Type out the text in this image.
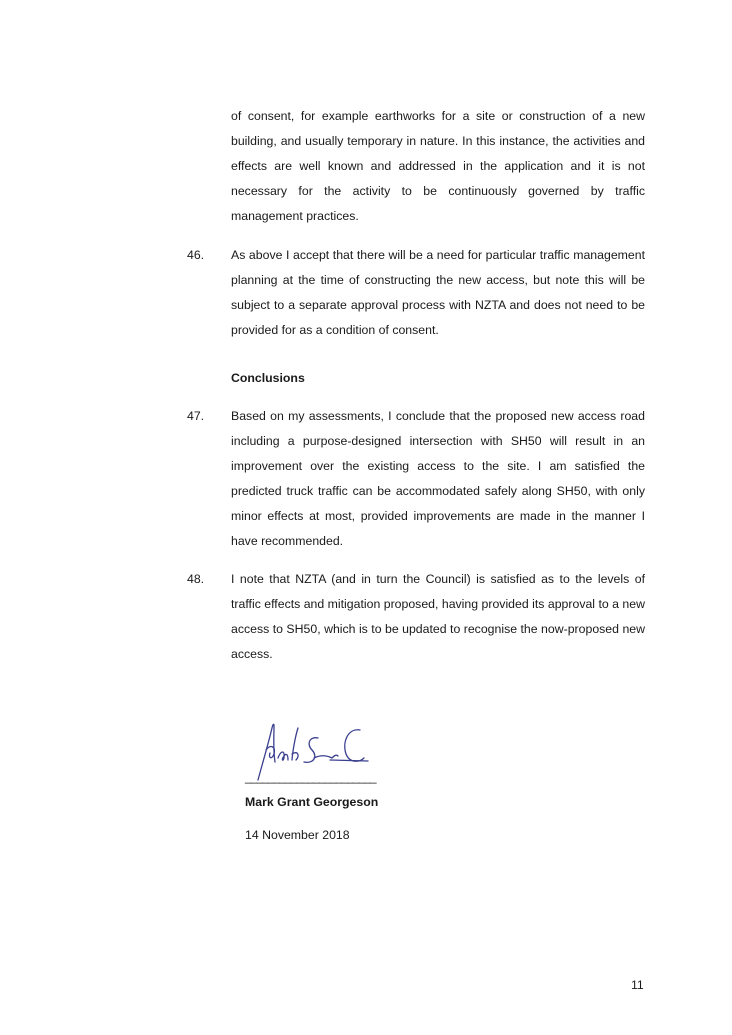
of consent, for example earthworks for a site or construction of a new building, and usually temporary in nature. In this instance, the activities and effects are well known and addressed in the application and it is not necessary for the activity to be continuously governed by traffic management practices.

46. As above I accept that there will be a need for particular traffic management planning at the time of constructing the new access, but note this will be subject to a separate approval process with NZTA and does not need to be provided for as a condition of consent.

Conclusions

47. Based on my assessments, I conclude that the proposed new access road including a purpose-designed intersection with SH50 will result in an improvement over the existing access to the site. I am satisfied the predicted truck traffic can be accommodated safely along SH50, with only minor effects at most, provided improvements are made in the manner I have recommended.

48. I note that NZTA (and in turn the Council) is satisfied as to the levels of traffic effects and mitigation proposed, having provided its approval to a new access to SH50, which is to be updated to recognise the now-proposed new access.

_______________________

Mark Grant Georgeson

14 November 2018

11
